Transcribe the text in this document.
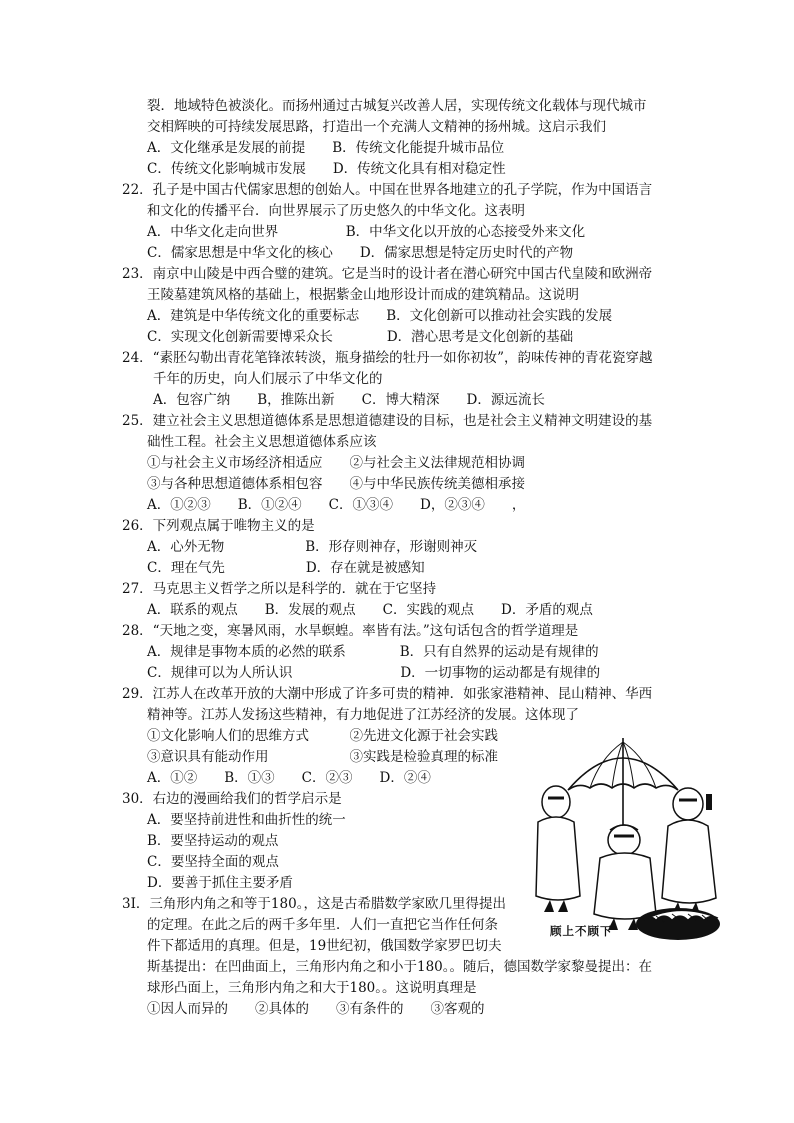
裂．地域特色被淡化。而扬州通过古城复兴改善人居，实现传统文化载体与现代城市
交相辉映的可持续发展思路，打造出一个充满人文精神的扬州城。这启示我们
A．文化继承是发展的前提　　B．传统文化能提升城市品位
C．传统文化影响城市发展　　D．传统文化具有相对稳定性
22．孔子是中国古代儒家思想的创始人。中国在世界各地建立的孔子学院，作为中国语言
和文化的传播平台．向世界展示了历史悠久的中华文化。这表明
A．中华文化走向世界　　　　　B．中华文化以开放的心态接受外来文化
C．儒家思想是中华文化的核心　　D．儒家思想是特定历史时代的产物
23．南京中山陵是中西合璧的建筑。它是当时的设计者在潜心研究中国古代皇陵和欧洲帝
王陵墓建筑风格的基础上，根据紫金山地形设计而成的建筑精品。这说明
A．建筑是中华传统文化的重要标志　　B．文化创新可以推动社会实践的发展
C．实现文化创新需要博采众长　　　　D．潜心思考是文化创新的基础
24．“素胚勾勒出青花笔锋浓转淡，瓶身描绘的牡丹一如你初妆”，韵味传神的青花瓷穿越
千年的历史，向人们展示了中华文化的
A．包容广纳　　B，推陈出新　　C．博大精深　　D．源远流长
25．建立社会主义思想道德体系是思想道德建设的目标，也是社会主义精神文明建设的基
础性工程。社会主义思想道德体系应该
①与社会主义市场经济相适应　　②与社会主义法律规范相协调
③与各种思想道德体系相包容　　④与中华民族传统美德相承接
A．①②③　　B．①②④　　C．①③④　　D，②③④　　，
26．下列观点属于唯物主义的是
A．心外无物　　　　　　B．形存则神存，形谢则神灭
C．理在气先　　　　　　D．存在就是被感知
27．马克思主义哲学之所以是科学的．就在于它坚持
A．联系的观点　　B．发展的观点　　C．实践的观点　　D．矛盾的观点
28．“天地之变，寒暑风雨，水旱螟蝗。率皆有法。”这句话包含的哲学道理是
A．规律是事物本质的必然的联系　　　　B．只有自然界的运动是有规律的
C．规律可以为人所认识　　　　　　　　D．一切事物的运动都是有规律的
29．江苏人在改革开放的大潮中形成了许多可贵的精神．如张家港精神、昆山精神、华西
精神等。江苏人发扬这些精神，有力地促进了江苏经济的发展。这体现了
①文化影响人们的思维方式　　　②先进文化源于社会实践
③意识具有能动作用　　　　　　③实践是检验真理的标准
A．①②　　B．①③　　C．②③　　D．②④
30．右边的漫画给我们的哲学启示是
A．要坚持前进性和曲折性的统一
B．要坚持运动的观点
C．要坚持全面的观点
D．要善于抓住主要矛盾
3I．三角形内角之和等于180。，这是古希腊数学家欧几里得提出
的定理。在此之后的两千多年里．人们一直把它当作任何条
件下都适用的真理。但是，19世纪初，俄国数学家罗巴切夫
斯基提出：在凹曲面上，三角形内角之和小于180。。随后，德国数学家黎曼提出：在
球形凸面上，三角形内角之和大于180。。这说明真理是
①因人而异的　　②具体的　　③有条件的　　③客观的
顾上不顾下
